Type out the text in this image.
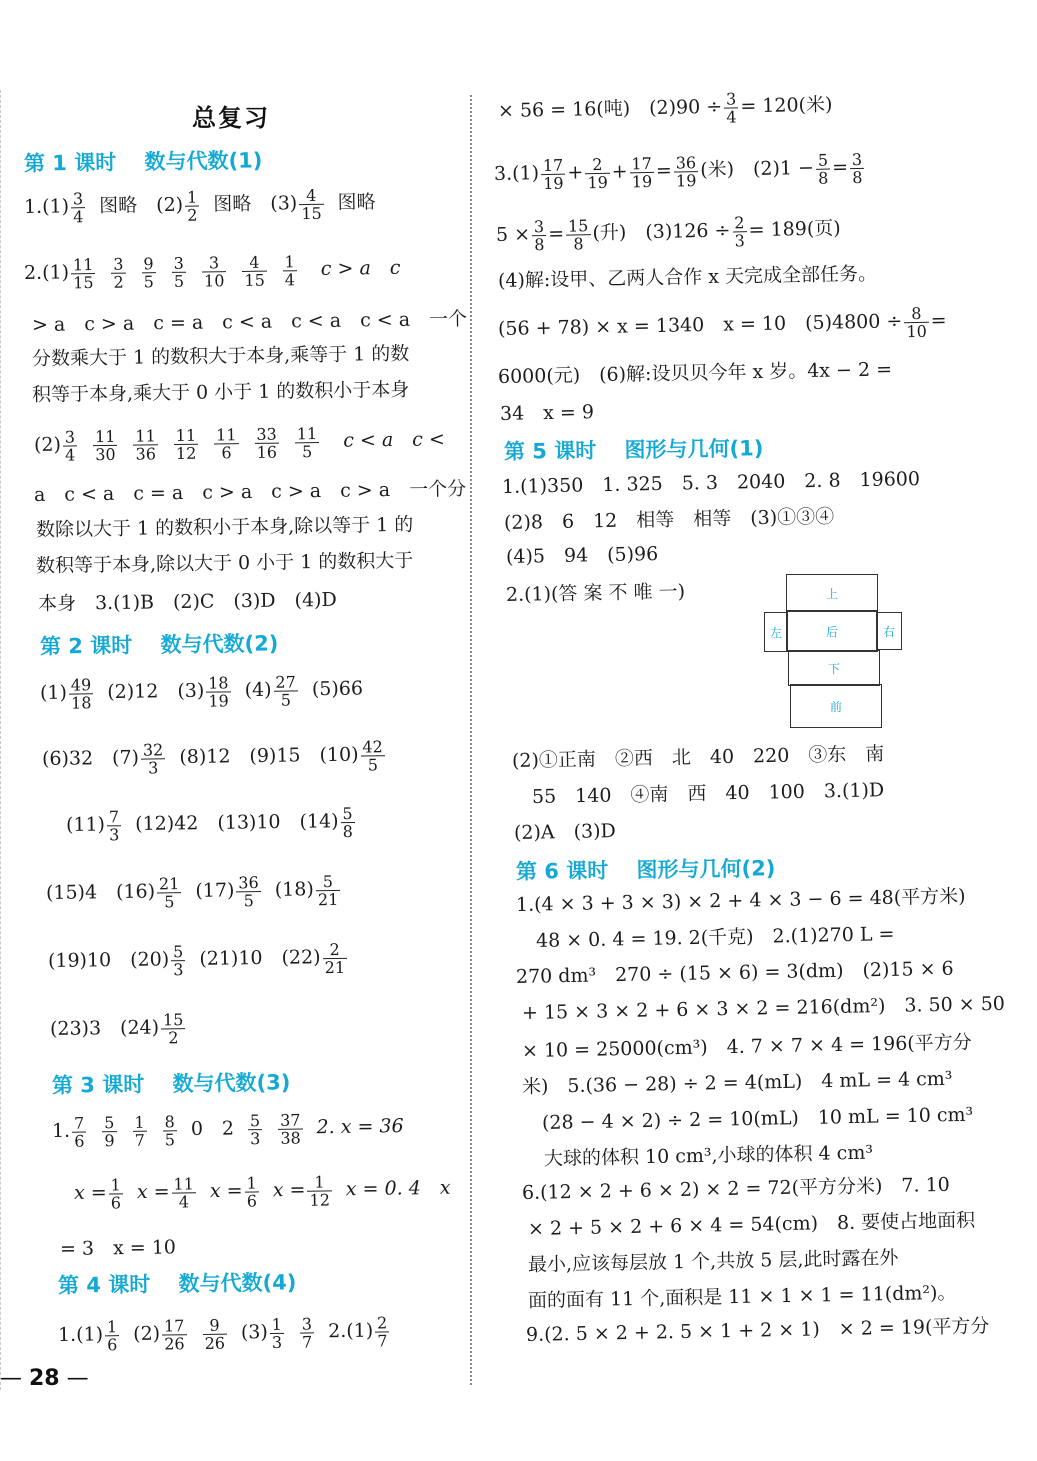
总复习
第 1 课时　 数与代数(1)
$1.(1) \frac{3}{4}$ 图略　$(2) \frac{1}{2}$ 图略　$(3) \frac{4}{15}$ 图略
$2.(1) \frac{11}{15} \frac{3}{2} \frac{9}{5} \frac{3}{5} \frac{3}{10} \frac{4}{15} \frac{1}{4}$ c > a　c
> a　c > a　c = a　c < a　c < a　c < a　一个
分数乘大于 1 的数积大于本身,乘等于 1 的数
积等于本身,乘大于 0 小于 1 的数积小于本身
$(2) \frac{3}{4} \frac{11}{30} \frac{11}{36} \frac{11}{12} \frac{11}{6} \frac{33}{16} \frac{11}{5}$ c < a　c <
a　c < a　c = a　c > a　c > a　c > a　一个分
数除以大于 1 的数积小于本身,除以等于 1 的
数积等于本身,除以大于 0 小于 1 的数积大于
本身　3.(1)B　(2)C　(3)D　(4)D
第 2 课时　 数与代数(2)
$(1) \frac{49}{18} (2)12$　$(3) \frac{18}{19} (4) \frac{27}{5} (5)66$
(6)32　$(7) \frac{32}{3} (8)12$　(9)15　$(10) \frac{42}{5}$
$(11) \frac{7}{3} (12)42$　(13)10　$(14) \frac{5}{8}$
(15)4　$(16) \frac{21}{5} (17) \frac{36}{5} (18) \frac{5}{21}$
(19)10　$(20) \frac{5}{3} (21)10$　$(22) \frac{2}{21}$
(23)3　$(24) \frac{15}{2}$
第 3 课时　 数与代数(3)
1. $\frac{7}{6} \frac{5}{9} \frac{1}{7} \frac{8}{5} 0$　$2 \frac{5}{3} \frac{37}{38} 2$. x = 36
$x = \frac{1}{6}$ $x = \frac{11}{4}$ $x = \frac{1}{6}$ $x = \frac{1}{12}$ x = 0. 4　x
= 3　x = 10
第 4 课时　 数与代数(4)
$1.(1) \frac{1}{6} (2) \frac{17}{26} \frac{9}{26} (3) \frac{1}{3} \frac{3}{7} 2.(1) \frac{2}{7}$
— 28 —
× 56 = 16(吨)　$(2)90 \div \frac{3}{4} = 120$(米)
$3.(1) \frac{17}{19} + \frac{2}{19} + \frac{17}{19} = \frac{36}{19}$ (米)　$(2)1 - \frac{5}{8} = \frac{3}{8}$
$5 \times \frac{3}{8} = \frac{15}{8}$ (升)　$(3)126 \div \frac{2}{3} = 189$(页)
(4)解:设甲、乙两人合作 x 天完成全部任务。
(56 + 78) × x = 1340　x = 10　$(5)4800 \div \frac{8}{10}$ =
6000(元)　(6)解:设贝贝今年 x 岁。4x − 2 =
34　x = 9
第 5 课时　 图形与几何(1)
1.(1)350　1. 325　5. 3　2040　2. 8　19600
(2)8　6　12　相等　相等　(3)①③④
(4)5　94　(5)96
2.(1)(答 案 不 唯 一)	上
左	后	右
下
前
(2)①正南　②西　北　40　220　③东　南
55　140　④南　西　40　100　3.(1)D
(2)A　(3)D
第 6 课时　 图形与几何(2)
1.(4 × 3 + 3 × 3) × 2 + 4 × 3 − 6 = 48(平方米)
48 × 0. 4 = 19. 2(千克)　2.(1)270 L =
270 dm³　270 ÷ (15 × 6) = 3(dm)　(2)15 × 6
+ 15 × 3 × 2 + 6 × 3 × 2 = 216(dm²)　3. 50 × 50
× 10 = 25000(cm³)　4. 7 × 7 × 4 = 196(平方分
米)　5.(36 − 28) ÷ 2 = 4(mL)　4 mL = 4 cm³
(28 − 4 × 2) ÷ 2 = 10(mL)　10 mL = 10 cm³
大球的体积 10 cm³,小球的体积 4 cm³
6.(12 × 2 + 6 × 2) × 2 = 72(平方分米)　7. 10
× 2 + 5 × 2 + 6 × 4 = 54(cm)　8. 要使占地面积
最小,应该每层放 1 个,共放 5 层,此时露在外
面的面有 11 个,面积是 11 × 1 × 1 = 11(dm²)。
9.(2. 5 × 2 + 2. 5 × 1 + 2 × 1)　× 2 = 19(平方分
